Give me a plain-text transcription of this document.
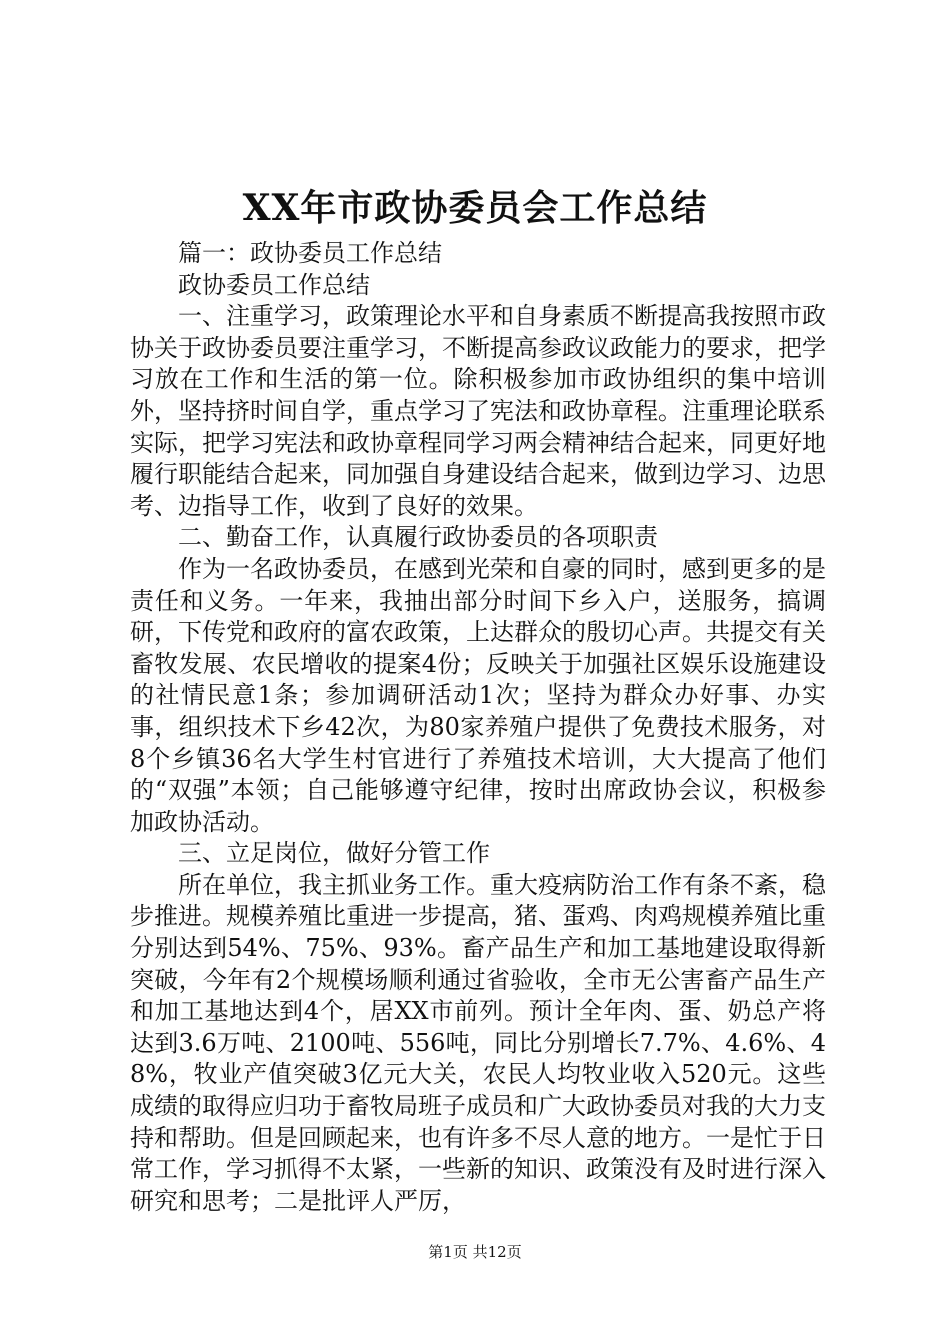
XX年市政协委员会工作总结

篇一：政协委员工作总结

政协委员工作总结

一、注重学习，政策理论水平和自身素质不断提高我按照市政协关于政协委员要注重学习，不断提高参政议政能力的要求，把学习放在工作和生活的第一位。除积极参加市政协组织的集中培训外，坚持挤时间自学，重点学习了宪法和政协章程。注重理论联系实际，把学习宪法和政协章程同学习两会精神结合起来，同更好地履行职能结合起来，同加强自身建设结合起来，做到边学习、边思考、边指导工作，收到了良好的效果。

二、勤奋工作，认真履行政协委员的各项职责

作为一名政协委员，在感到光荣和自豪的同时，感到更多的是责任和义务。一年来，我抽出部分时间下乡入户，送服务，搞调研，下传党和政府的富农政策，上达群众的殷切心声。共提交有关畜牧发展、农民增收的提案4份；反映关于加强社区娱乐设施建设的社情民意1条；参加调研活动1次；坚持为群众办好事、办实事，组织技术下乡42次，为80家养殖户提供了免费技术服务，对8个乡镇36名大学生村官进行了养殖技术培训，大大提高了他们的“双强”本领；自己能够遵守纪律，按时出席政协会议，积极参加政协活动。

三、立足岗位，做好分管工作

所在单位，我主抓业务工作。重大疫病防治工作有条不紊，稳步推进。规模养殖比重进一步提高，猪、蛋鸡、肉鸡规模养殖比重分别达到54%、75%、93%。畜产品生产和加工基地建设取得新突破，今年有2个规模场顺利通过省验收，全市无公害畜产品生产和加工基地达到4个，居XX市前列。预计全年肉、蛋、奶总产将达到3.6万吨、2100吨、556吨，同比分别增长7.7%、4.6%、48%，牧业产值突破3亿元大关，农民人均牧业收入520元。这些成绩的取得应归功于畜牧局班子成员和广大政协委员对我的大力支持和帮助。但是回顾起来，也有许多不尽人意的地方。一是忙于日常工作，学习抓得不太紧，一些新的知识、政策没有及时进行深入研究和思考；二是批评人严厉，

第1页 共12页
